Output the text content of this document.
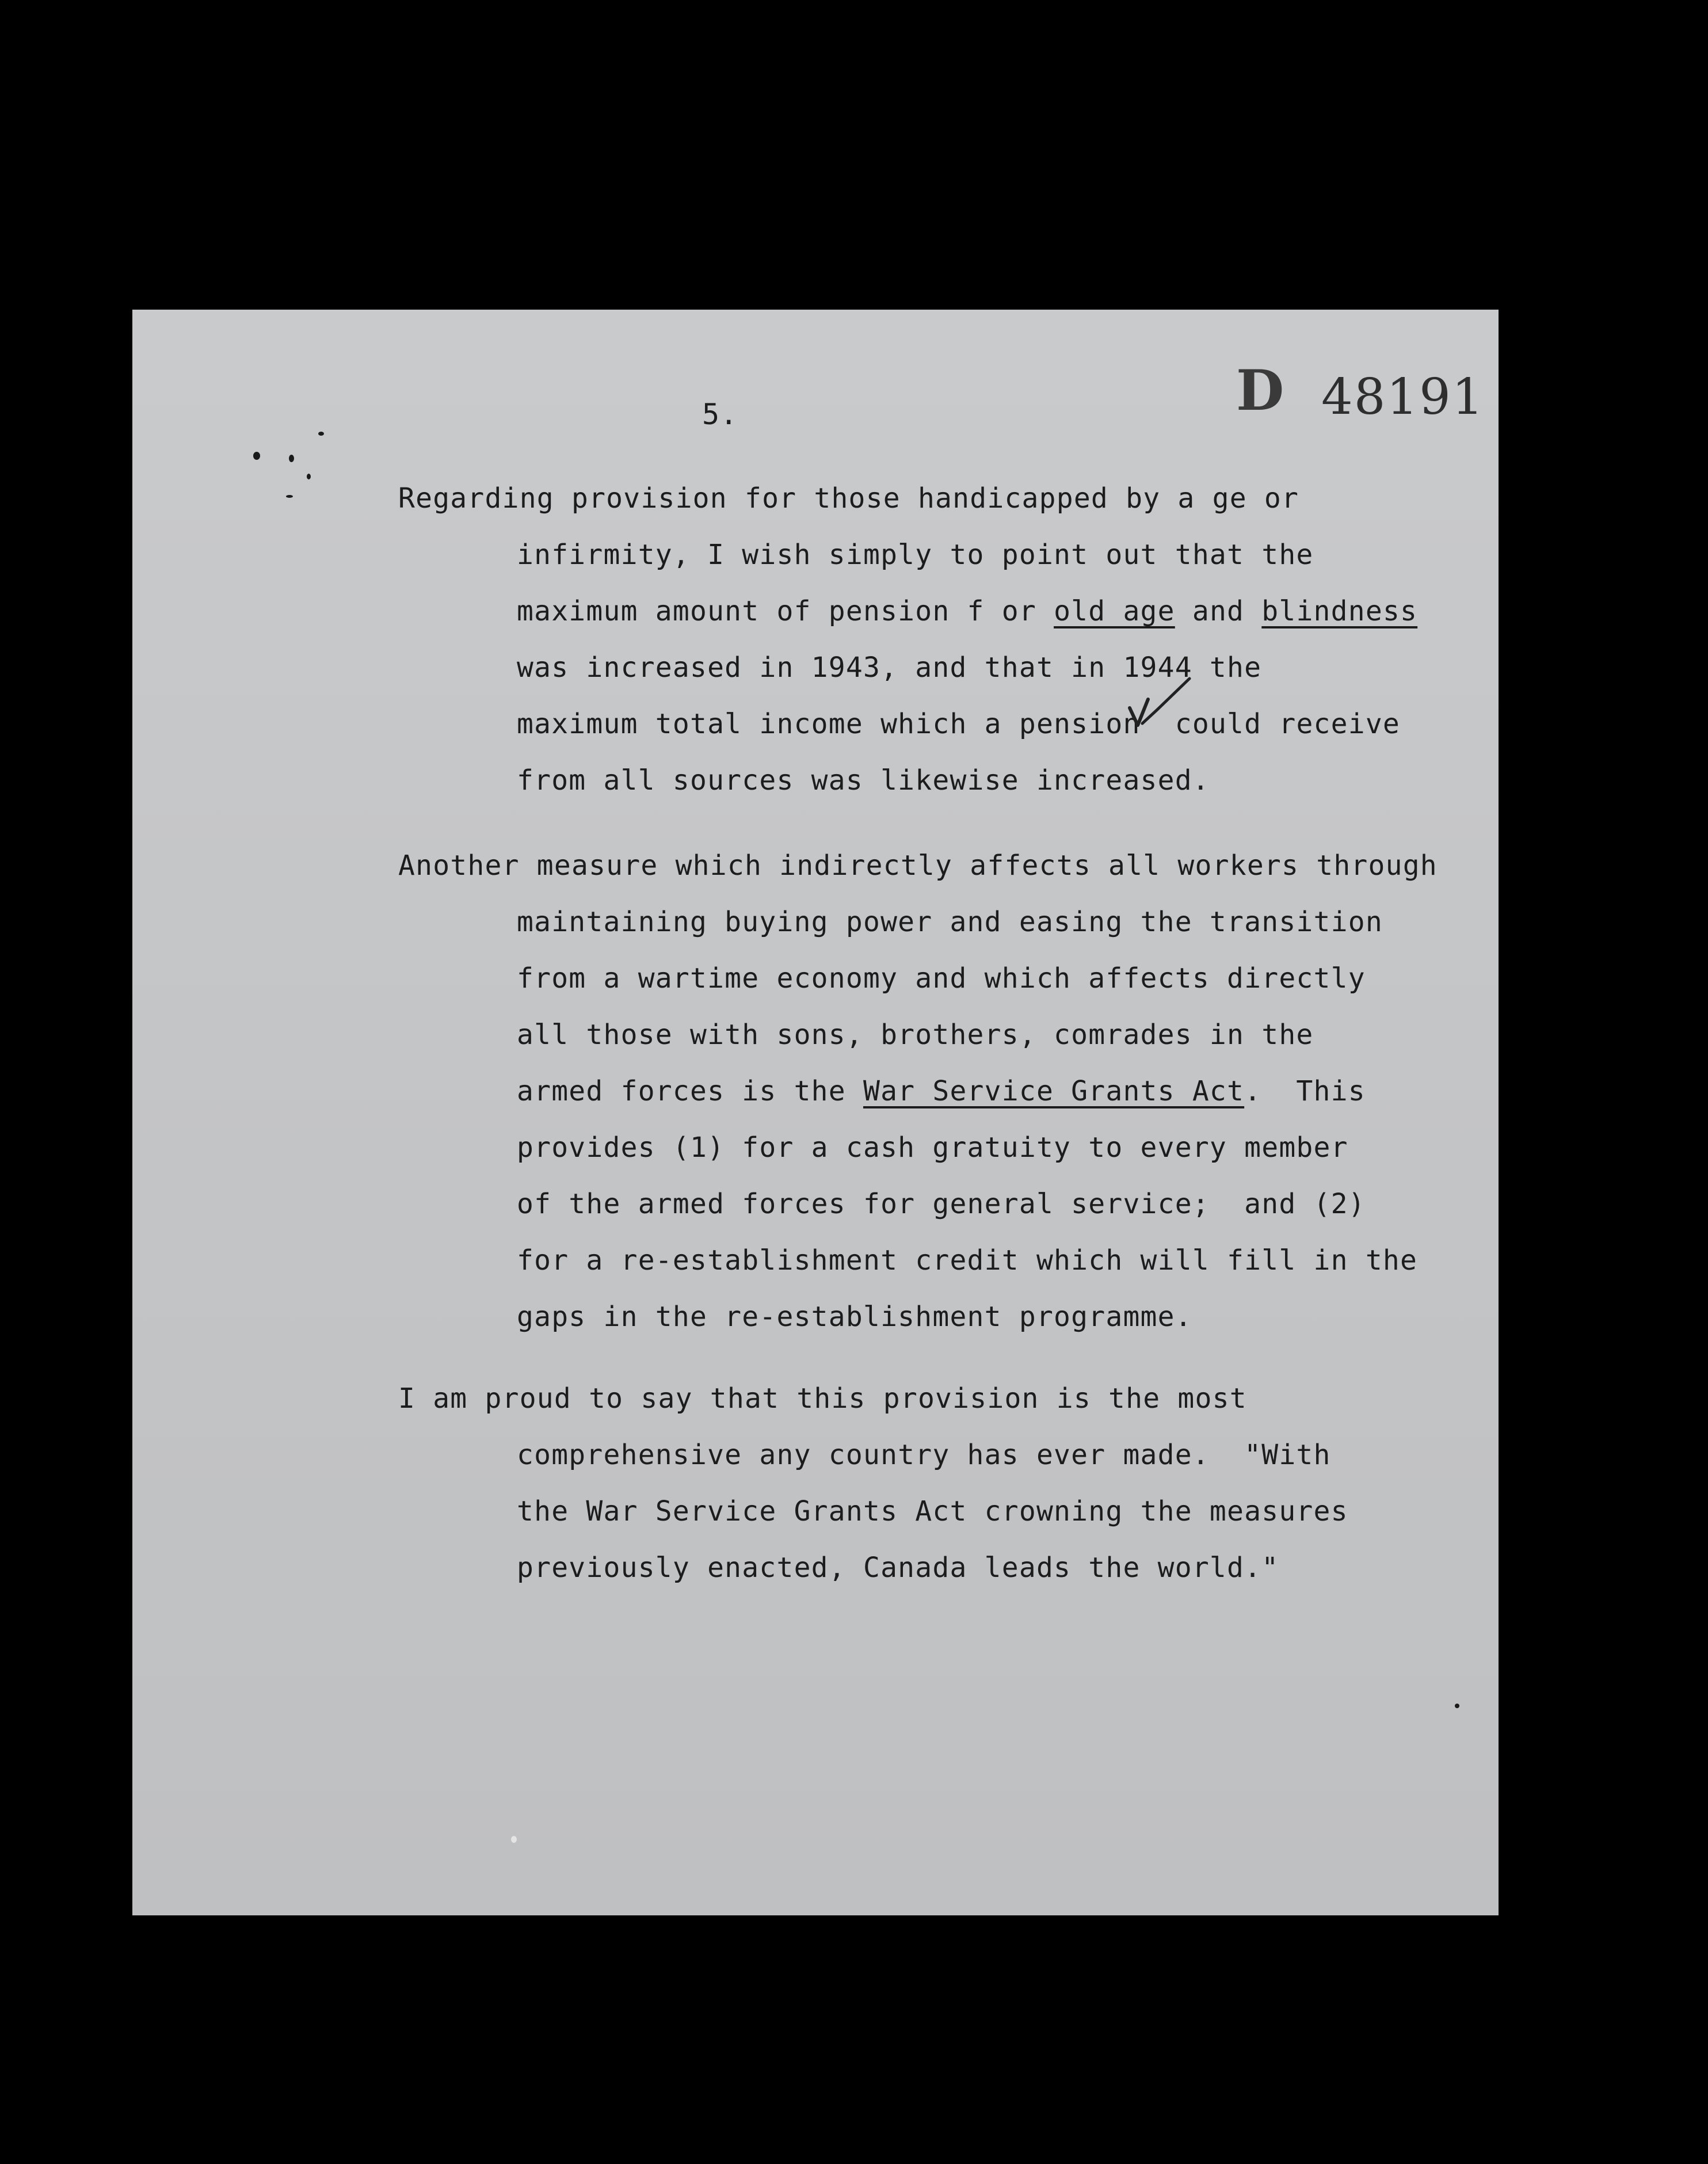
5.	D 48191
Regarding provision for those handicapped by a ge or
infirmity, I wish simply to point out that the
maximum amount of pension f or old age and blindness
was increased in 1943, and that in 1944 the
maximum total income which a pension could receive
from all sources was likewise increased.
Another measure which indirectly affects all workers through
maintaining buying power and easing the transition
from a wartime economy and which affects directly
all those with sons, brothers, comrades in the
armed forces is the War Service Grants Act.  This
provides (1) for a cash gratuity to every member
of the armed forces for general service;  and (2)
for a re-establishment credit which will fill in the
gaps in the re-establishment programme.
I am proud to say that this provision is the most
comprehensive any country has ever made.  "With
the War Service Grants Act crowning the measures
previously enacted, Canada leads the world."
